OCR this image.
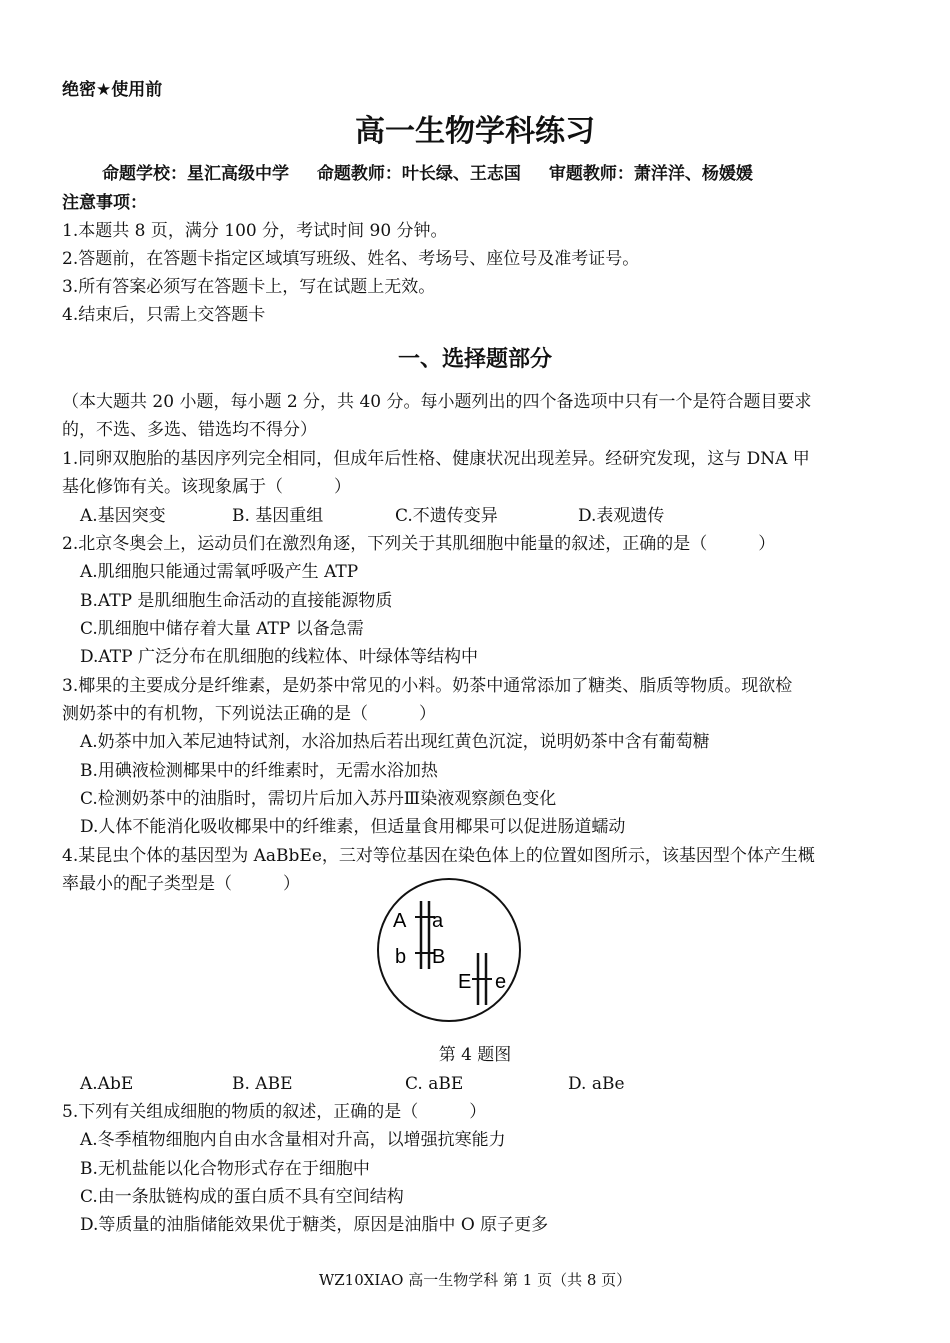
绝密★使用前
高一生物学科练习
命题学校：星汇高级中学 命题教师：叶长绿、王志国 审题教师：萧洋洋、杨媛媛
注意事项：
1.本题共 8 页，满分 100 分，考试时间 90 分钟。
2.答题前，在答题卡指定区域填写班级、姓名、考场号、座位号及准考证号。
3.所有答案必须写在答题卡上，写在试题上无效。
4.结束后，只需上交答题卡
一、选择题部分
（本大题共 20 小题，每小题 2 分，共 40 分。每小题列出的四个备选项中只有一个是符合题目要求
的，不选、多选、错选均不得分）
1.同卵双胞胎的基因序列完全相同，但成年后性格、健康状况出现差异。经研究发现，这与 DNA 甲
基化修饰有关。该现象属于（　　　）
A.基因突变	B. 基因重组	C.不遗传变异	D.表观遗传
2.北京冬奥会上，运动员们在激烈角逐，下列关于其肌细胞中能量的叙述，正确的是（　　　）
A.肌细胞只能通过需氧呼吸产生 ATP
B.ATP 是肌细胞生命活动的直接能源物质
C.肌细胞中储存着大量 ATP 以备急需
D.ATP 广泛分布在肌细胞的线粒体、叶绿体等结构中
3.椰果的主要成分是纤维素，是奶茶中常见的小料。奶茶中通常添加了糖类、脂质等物质。现欲检
测奶茶中的有机物，下列说法正确的是（　　　）
A.奶茶中加入苯尼迪特试剂，水浴加热后若出现红黄色沉淀，说明奶茶中含有葡萄糖
B.用碘液检测椰果中的纤维素时，无需水浴加热
C.检测奶茶中的油脂时，需切片后加入苏丹Ⅲ染液观察颜色变化
D.人体不能消化吸收椰果中的纤维素，但适量食用椰果可以促进肠道蠕动
4.某昆虫个体的基因型为 AaBbEe，三对等位基因在染色体上的位置如图所示，该基因型个体产生概
率最小的配子类型是（　　　）
A a
b B
E e
第 4 题图
A.AbE	B. ABE	C. aBE	D. aBe
5.下列有关组成细胞的物质的叙述，正确的是（　　　）
A.冬季植物细胞内自由水含量相对升高，以增强抗寒能力
B.无机盐能以化合物形式存在于细胞中
C.由一条肽链构成的蛋白质不具有空间结构
D.等质量的油脂储能效果优于糖类，原因是油脂中 O 原子更多
WZ10XIAO 高一生物学科 第 1 页（共 8 页）
